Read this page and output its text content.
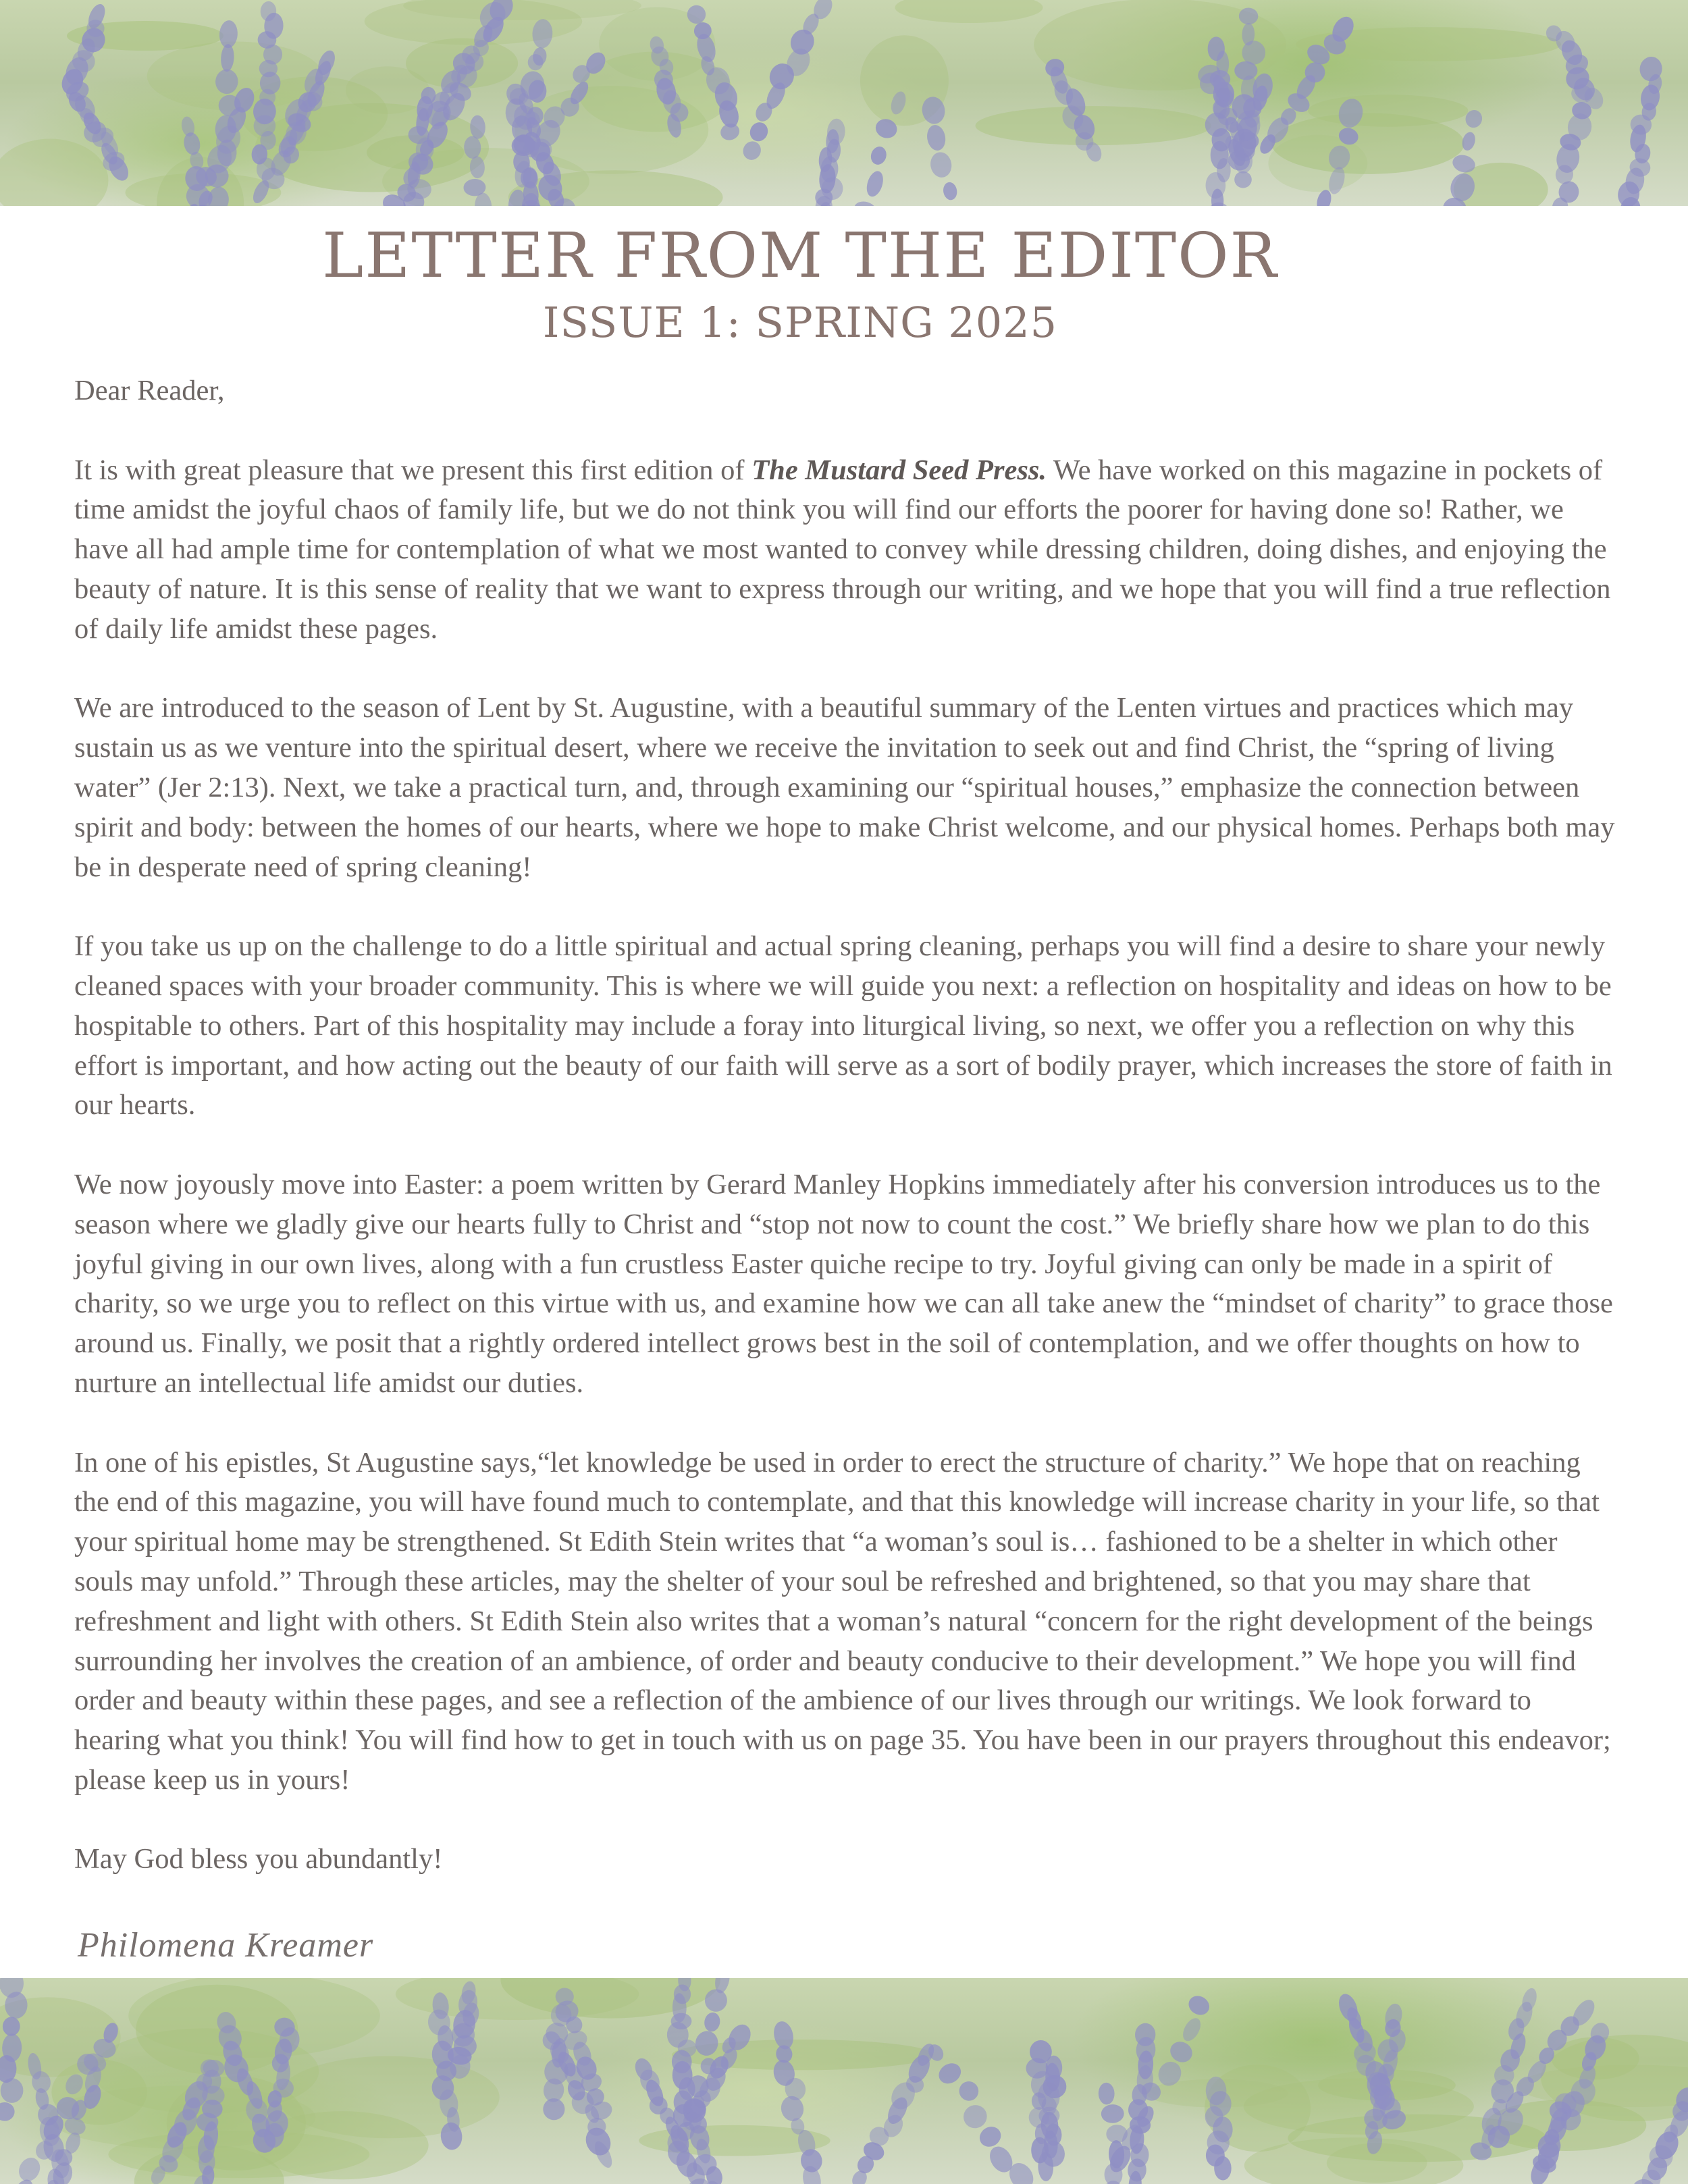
LETTER FROM THE EDITOR
ISSUE 1: SPRING 2025

Dear Reader,

It is with great pleasure that we present this first edition of The Mustard Seed Press. We have worked on this magazine in pockets of time amidst the joyful chaos of family life, but we do not think you will find our efforts the poorer for having done so! Rather, we have all had ample time for contemplation of what we most wanted to convey while dressing children, doing dishes, and enjoying the beauty of nature. It is this sense of reality that we want to express through our writing, and we hope that you will find a true reflection of daily life amidst these pages.

We are introduced to the season of Lent by St. Augustine, with a beautiful summary of the Lenten virtues and practices which may sustain us as we venture into the spiritual desert, where we receive the invitation to seek out and find Christ, the “spring of living water” (Jer 2:13). Next, we take a practical turn, and, through examining our “spiritual houses,” emphasize the connection between spirit and body: between the homes of our hearts, where we hope to make Christ welcome, and our physical homes. Perhaps both may be in desperate need of spring cleaning!

If you take us up on the challenge to do a little spiritual and actual spring cleaning, perhaps you will find a desire to share your newly cleaned spaces with your broader community. This is where we will guide you next: a reflection on hospitality and ideas on how to be hospitable to others. Part of this hospitality may include a foray into liturgical living, so next, we offer you a reflection on why this effort is important, and how acting out the beauty of our faith will serve as a sort of bodily prayer, which increases the store of faith in our hearts.

We now joyously move into Easter: a poem written by Gerard Manley Hopkins immediately after his conversion introduces us to the season where we gladly give our hearts fully to Christ and “stop not now to count the cost.” We briefly share how we plan to do this joyful giving in our own lives, along with a fun crustless Easter quiche recipe to try. Joyful giving can only be made in a spirit of charity, so we urge you to reflect on this virtue with us, and examine how we can all take anew the “mindset of charity” to grace those around us. Finally, we posit that a rightly ordered intellect grows best in the soil of contemplation, and we offer thoughts on how to nurture an intellectual life amidst our duties.

In one of his epistles, St Augustine says,“let knowledge be used in order to erect the structure of charity.” We hope that on reaching the end of this magazine, you will have found much to contemplate, and that this knowledge will increase charity in your life, so that your spiritual home may be strengthened. St Edith Stein writes that “a woman’s soul is… fashioned to be a shelter in which other souls may unfold.” Through these articles, may the shelter of your soul be refreshed and brightened, so that you may share that refreshment and light with others. St Edith Stein also writes that a woman’s natural “concern for the right development of the beings surrounding her involves the creation of an ambience, of order and beauty conducive to their development.” We hope you will find order and beauty within these pages, and see a reflection of the ambience of our lives through our writings. We look forward to hearing what you think! You will find how to get in touch with us on page 35. You have been in our prayers throughout this endeavor; please keep us in yours!

May God bless you abundantly!

Philomena Kreamer
